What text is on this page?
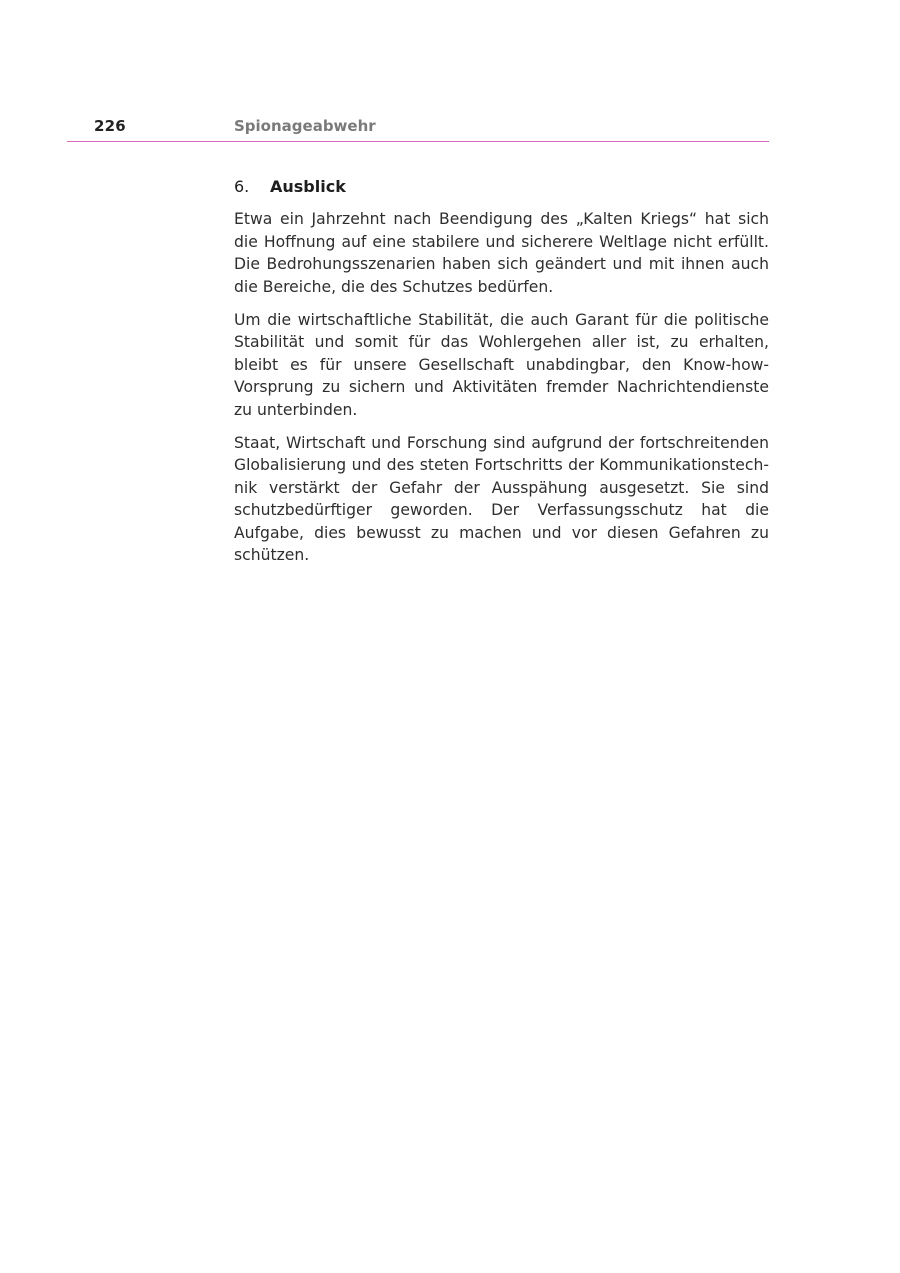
226	Spionageabwehr
6. Ausblick

Etwa ein Jahrzehnt nach Beendigung des „Kalten Kriegs“ hat sich die Hoffnung auf eine stabilere und sicherere Weltlage nicht erfüllt. Die Bedrohungsszenarien haben sich geändert und mit ihnen auch die Bereiche, die des Schutzes bedürfen.

Um die wirtschaftliche Stabilität, die auch Garant für die politische Stabilität und somit für das Wohlergehen aller ist, zu erhalten, bleibt es für unsere Gesellschaft unabdingbar, den Know-how-Vorsprung zu sichern und Aktivitäten fremder Nachrichtendienste zu unterbinden.

Staat, Wirtschaft und Forschung sind aufgrund der fortschreitenden Globalisierung und des steten Fortschritts der Kommunikationstechnik verstärkt der Gefahr der Ausspähung ausgesetzt. Sie sind schutzbedürftiger geworden. Der Verfassungsschutz hat die Aufgabe, dies bewusst zu machen und vor diesen Gefahren zu schützen.
